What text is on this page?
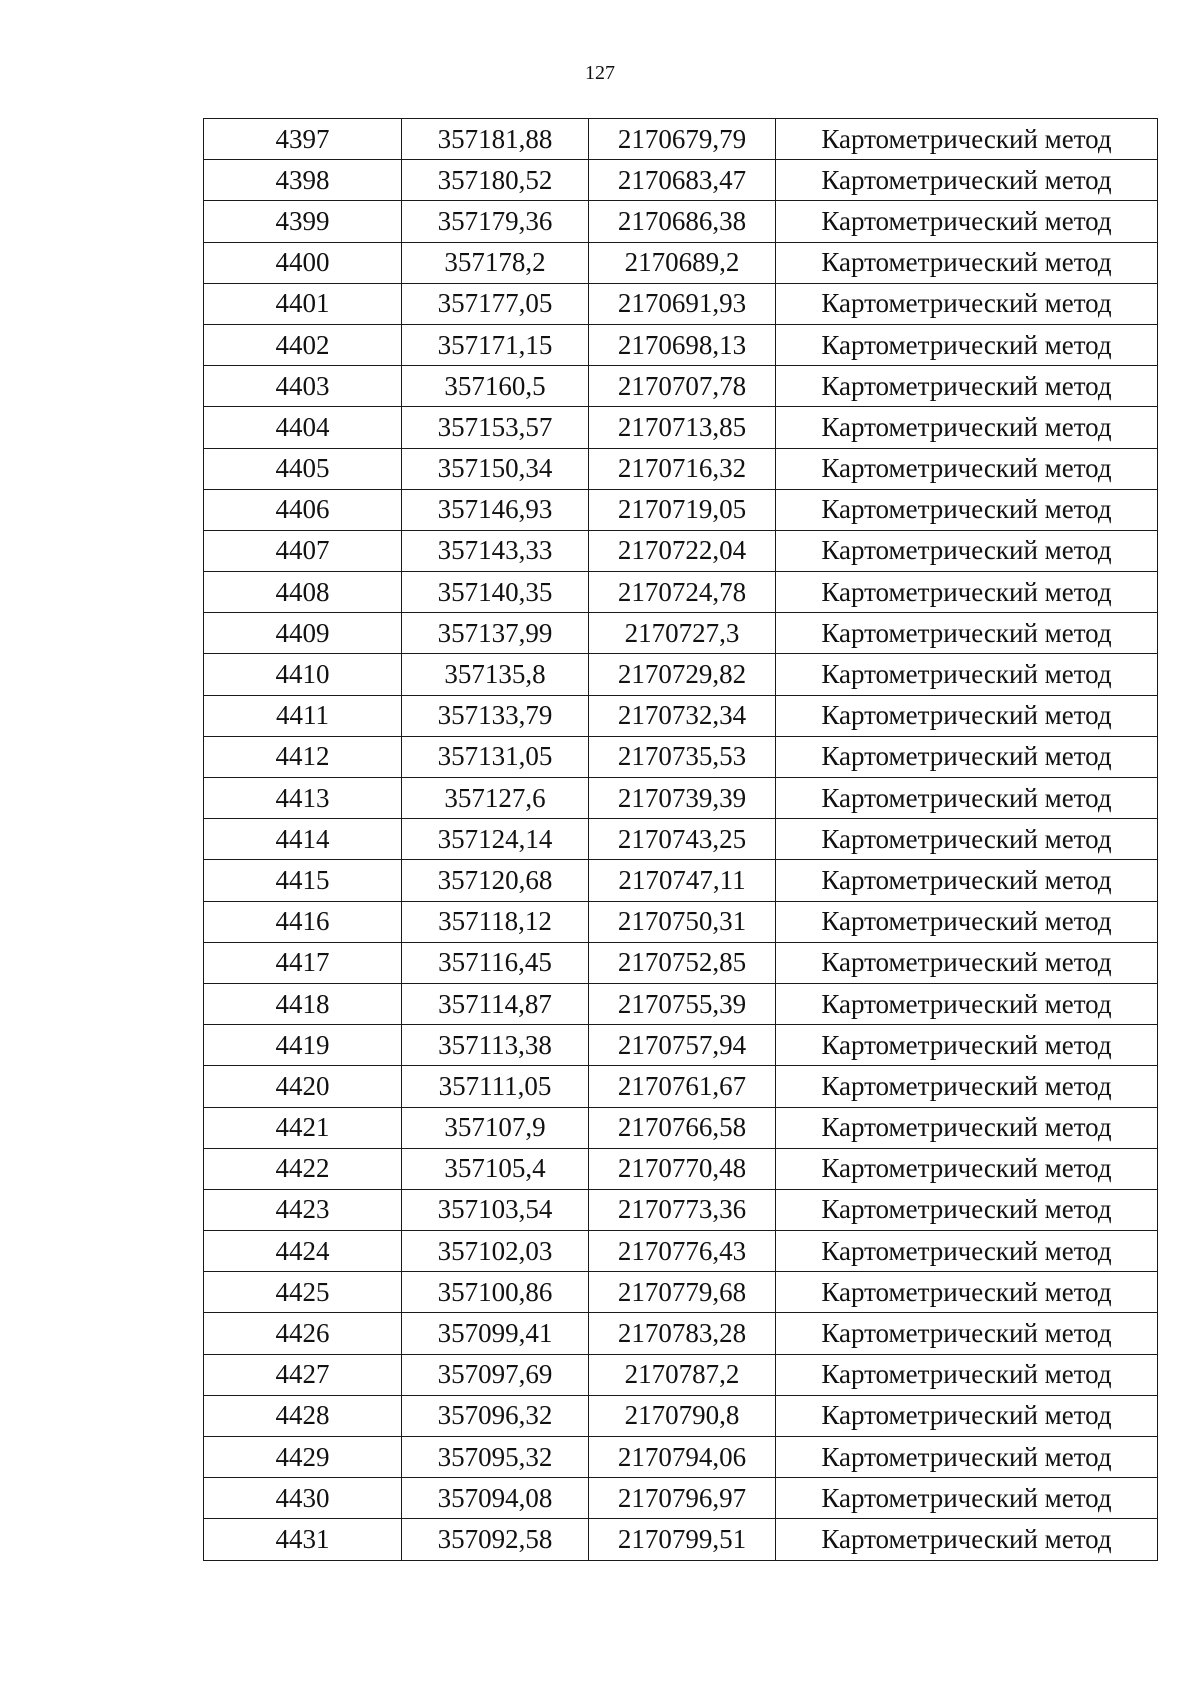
127
4397	357181,88	2170679,79	Картометрический метод
4398	357180,52	2170683,47	Картометрический метод
4399	357179,36	2170686,38	Картометрический метод
4400	357178,2	2170689,2	Картометрический метод
4401	357177,05	2170691,93	Картометрический метод
4402	357171,15	2170698,13	Картометрический метод
4403	357160,5	2170707,78	Картометрический метод
4404	357153,57	2170713,85	Картометрический метод
4405	357150,34	2170716,32	Картометрический метод
4406	357146,93	2170719,05	Картометрический метод
4407	357143,33	2170722,04	Картометрический метод
4408	357140,35	2170724,78	Картометрический метод
4409	357137,99	2170727,3	Картометрический метод
4410	357135,8	2170729,82	Картометрический метод
4411	357133,79	2170732,34	Картометрический метод
4412	357131,05	2170735,53	Картометрический метод
4413	357127,6	2170739,39	Картометрический метод
4414	357124,14	2170743,25	Картометрический метод
4415	357120,68	2170747,11	Картометрический метод
4416	357118,12	2170750,31	Картометрический метод
4417	357116,45	2170752,85	Картометрический метод
4418	357114,87	2170755,39	Картометрический метод
4419	357113,38	2170757,94	Картометрический метод
4420	357111,05	2170761,67	Картометрический метод
4421	357107,9	2170766,58	Картометрический метод
4422	357105,4	2170770,48	Картометрический метод
4423	357103,54	2170773,36	Картометрический метод
4424	357102,03	2170776,43	Картометрический метод
4425	357100,86	2170779,68	Картометрический метод
4426	357099,41	2170783,28	Картометрический метод
4427	357097,69	2170787,2	Картометрический метод
4428	357096,32	2170790,8	Картометрический метод
4429	357095,32	2170794,06	Картометрический метод
4430	357094,08	2170796,97	Картометрический метод
4431	357092,58	2170799,51	Картометрический метод
